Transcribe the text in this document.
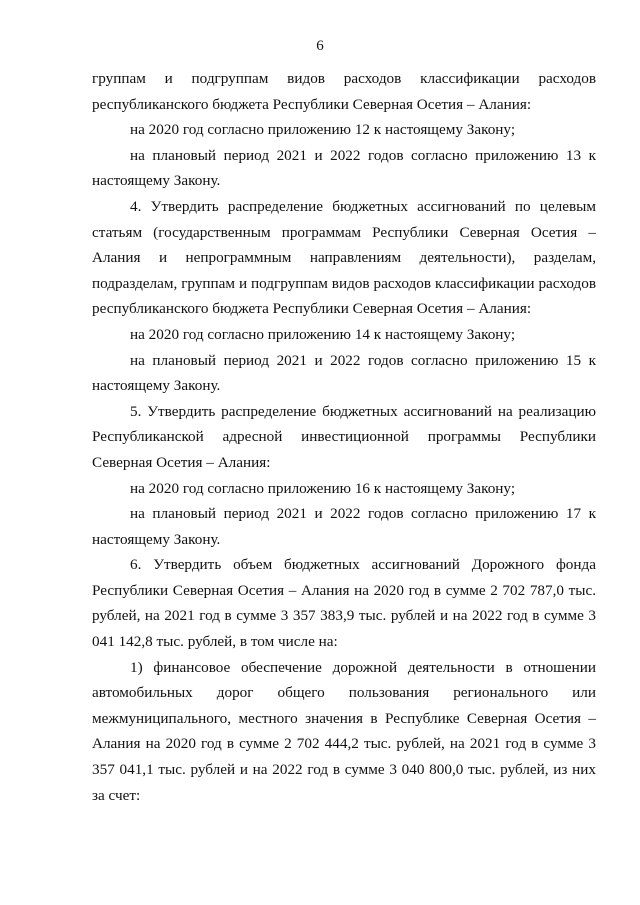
6

группам и подгруппам видов расходов классификации расходов республиканского бюджета Республики Северная Осетия – Алания:

на 2020 год согласно приложению 12 к настоящему Закону;

на плановый период 2021 и 2022 годов согласно приложению 13 к настоящему Закону.

4. Утвердить распределение бюджетных ассигнований по целевым статьям (государственным программам Республики Северная Осетия – Алания и непрограммным направлениям деятельности), разделам, подразделам, группам и подгруппам видов расходов классификации расходов республиканского бюджета Республики Северная Осетия – Алания:

на 2020 год согласно приложению 14 к настоящему Закону;

на плановый период 2021 и 2022 годов согласно приложению 15 к настоящему Закону.

5. Утвердить распределение бюджетных ассигнований на реализацию Республиканской адресной инвестиционной программы Республики Северная Осетия – Алания:

на 2020 год согласно приложению 16 к настоящему Закону;

на плановый период 2021 и 2022 годов согласно приложению 17 к настоящему Закону.

6. Утвердить объем бюджетных ассигнований Дорожного фонда Республики Северная Осетия – Алания на 2020 год в сумме 2 702 787,0 тыс. рублей, на 2021 год в сумме 3 357 383,9 тыс. рублей и на 2022 год в сумме 3 041 142,8 тыс. рублей, в том числе на:

1) финансовое обеспечение дорожной деятельности в отношении автомобильных дорог общего пользования регионального или межмуниципального, местного значения в Республике Северная Осетия – Алания на 2020 год в сумме 2 702 444,2 тыс. рублей, на 2021 год в сумме 3 357 041,1 тыс. рублей и на 2022 год в сумме 3 040 800,0 тыс. рублей, из них за счет:
